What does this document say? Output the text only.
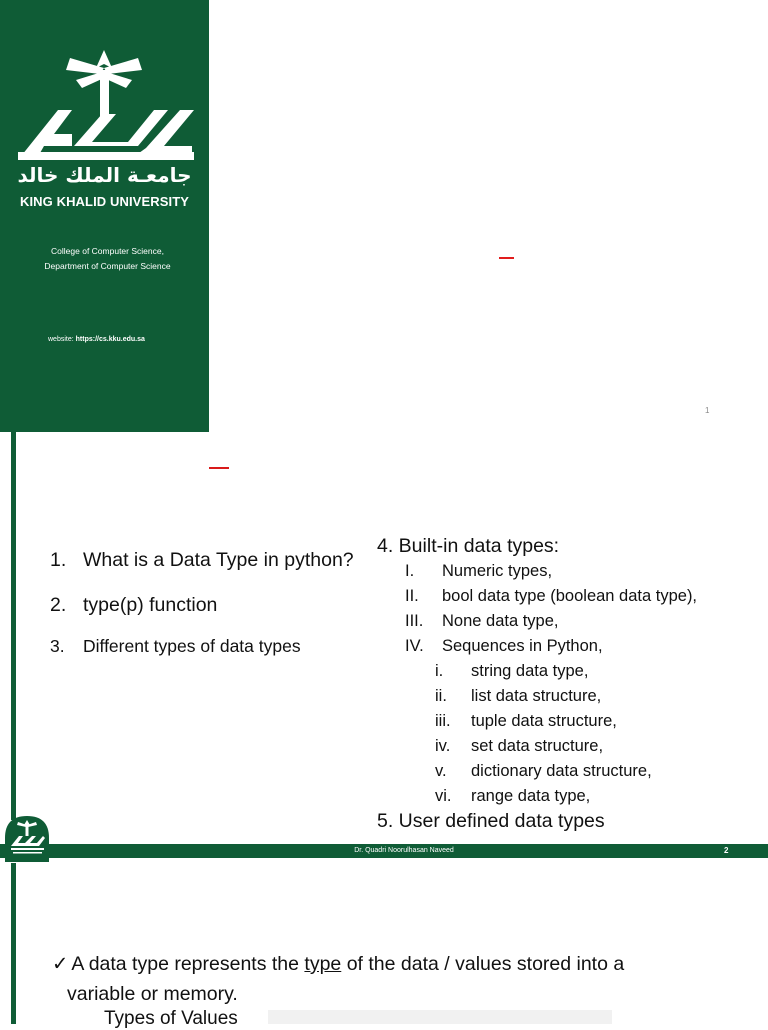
جامعـة الملك خالد
KING KHALID UNIVERSITY
College of Computer Science,
Department of Computer Science
website: https://cs.kku.edu.sa
1
1. What is a Data Type in python?
2. type(p) function
3. Different types of data types
4. Built-in data types:
I. Numeric types,
II. bool data type (boolean data type),
III. None data type,
IV. Sequences in Python,
i. string data type,
ii. list data structure,
iii. tuple data structure,
iv. set data structure,
v. dictionary data structure,
vi. range data type,
5. User defined data types
Dr. Quadri Noorulhasan Naveed	2
✓ A data type represents the type of the data / values stored into a
variable or memory.
Types of Values
